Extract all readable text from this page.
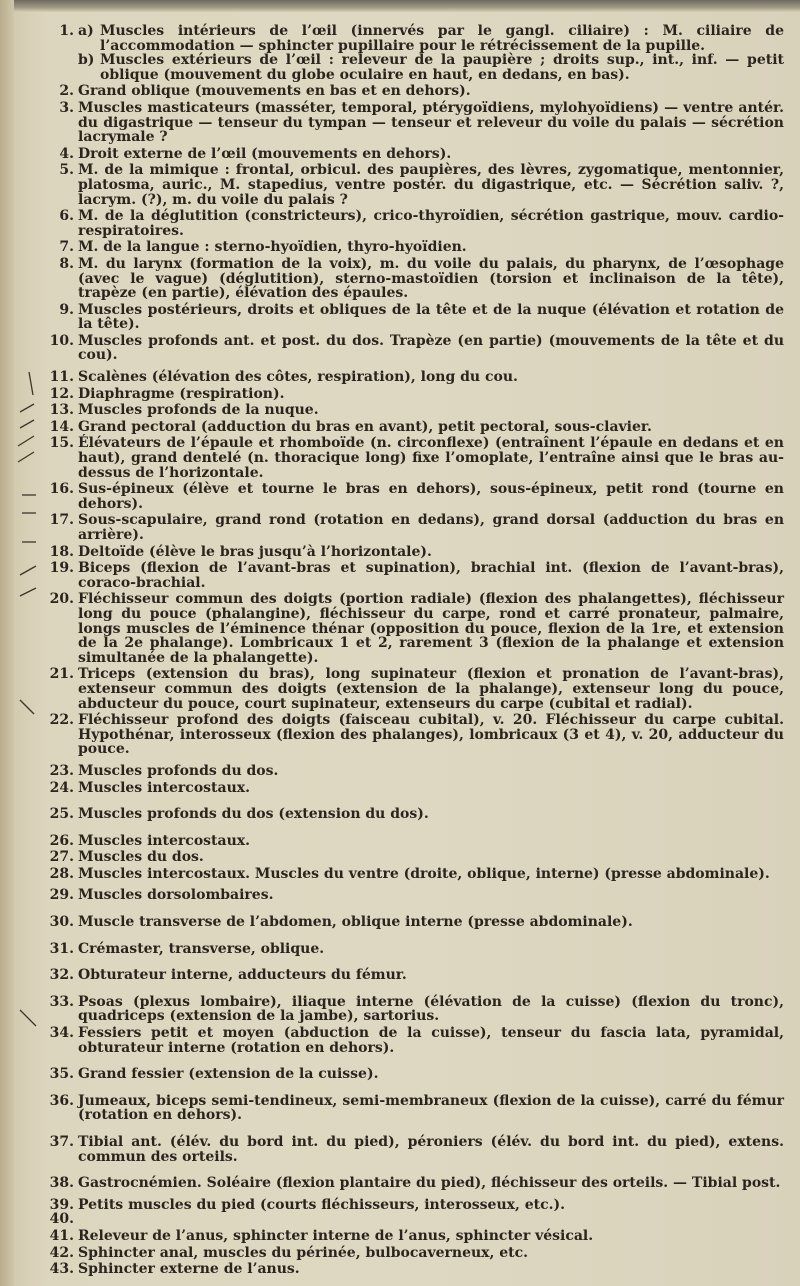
1. a) Muscles intérieurs de l’œil (innervés par le gangl. ciliaire) : M. ciliaire de l’accommodation — sphincter pupillaire pour le rétrécissement de la pupille.
b) Muscles extérieurs de l’œil : releveur de la paupière ; droits sup., int., inf. — petit oblique (mouvement du globe oculaire en haut, en dedans, en bas).
2. Grand oblique (mouvements en bas et en dehors).
3. Muscles masticateurs (masséter, temporal, ptérygoïdiens, mylohyoïdiens) — ventre antér. du digastrique — tenseur du tympan — tenseur et releveur du voile du palais — sécrétion lacrymale ?
4. Droit externe de l’œil (mouvements en dehors).
5. M. de la mimique : frontal, orbicul. des paupières, des lèvres, zygomatique, mentonnier, platosma, auric., M. stapedius, ventre postér. du digastrique, etc. — Sécrétion saliv. ?, lacrym. (?), m. du voile du palais ?
6. M. de la déglutition (constricteurs), crico-thyroïdien, sécrétion gastrique, mouv. cardio-respiratoires.
7. M. de la langue : sterno-hyoïdien, thyro-hyoïdien.
8. M. du larynx (formation de la voix), m. du voile du palais, du pharynx, de l’œsophage (avec le vague) (déglutition), sterno-mastoïdien (torsion et inclinaison de la tête), trapèze (en partie), élévation des épaules.
9. Muscles postérieurs, droits et obliques de la tête et de la nuque (élévation et rotation de la tête).
10. Muscles profonds ant. et post. du dos. Trapèze (en partie) (mouvements de la tête et du cou).
11. Scalènes (élévation des côtes, respiration), long du cou.
12. Diaphragme (respiration).
13. Muscles profonds de la nuque.
14. Grand pectoral (adduction du bras en avant), petit pectoral, sous-clavier.
15. Élévateurs de l’épaule et rhomboïde (n. circonflexe) (entraînent l’épaule en dedans et en haut), grand dentelé (n. thoracique long) fixe l’omoplate, l’entraîne ainsi que le bras au-dessus de l’horizontale.
16. Sus-épineux (élève et tourne le bras en dehors), sous-épineux, petit rond (tourne en dehors).
17. Sous-scapulaire, grand rond (rotation en dedans), grand dorsal (adduction du bras en arrière).
18. Deltoïde (élève le bras jusqu’à l’horizontale).
19. Biceps (flexion de l’avant-bras et supination), brachial int. (flexion de l’avant-bras), coraco-brachial.
20. Fléchisseur commun des doigts (portion radiale) (flexion des phalangettes), fléchisseur long du pouce (phalangine), fléchisseur du carpe, rond et carré pronateur, palmaire, longs muscles de l’éminence thénar (opposition du pouce, flexion de la 1re, et extension de la 2e phalange). Lombricaux 1 et 2, rarement 3 (flexion de la phalange et extension simultanée de la phalangette).
21. Triceps (extension du bras), long supinateur (flexion et pronation de l’avant-bras), extenseur commun des doigts (extension de la phalange), extenseur long du pouce, abducteur du pouce, court supinateur, extenseurs du carpe (cubital et radial).
22. Fléchisseur profond des doigts (faisceau cubital), v. 20. Fléchisseur du carpe cubital. Hypothénar, interosseux (flexion des phalanges), lombricaux (3 et 4), v. 20, adducteur du pouce.
23. Muscles profonds du dos.
24. Muscles intercostaux.
25. Muscles profonds du dos (extension du dos).
26. Muscles intercostaux.
27. Muscles du dos.
28. Muscles intercostaux. Muscles du ventre (droite, oblique, interne) (presse abdominale).
29. Muscles dorsolombaires.
30. Muscle transverse de l’abdomen, oblique interne (presse abdominale).
31. Crémaster, transverse, oblique.
32. Obturateur interne, adducteurs du fémur.
33. Psoas (plexus lombaire), iliaque interne (élévation de la cuisse) (flexion du tronc), quadriceps (extension de la jambe), sartorius.
34. Fessiers petit et moyen (abduction de la cuisse), tenseur du fascia lata, pyramidal, obturateur interne (rotation en dehors).
35. Grand fessier (extension de la cuisse).
36. Jumeaux, biceps semi-tendineux, semi-membraneux (flexion de la cuisse), carré du fémur (rotation en dehors).
37. Tibial ant. (élév. du bord int. du pied), péroniers (élév. du bord int. du pied), extens. commun des orteils.
38. Gastrocnémien. Soléaire (flexion plantaire du pied), fléchisseur des orteils. — Tibial post.
39.
40.
Petits muscles du pied (courts fléchisseurs, interosseux, etc.).
41. Releveur de l’anus, sphincter interne de l’anus, sphincter vésical.
42. Sphincter anal, muscles du périnée, bulbocaverneux, etc.
43. Sphincter externe de l’anus.
